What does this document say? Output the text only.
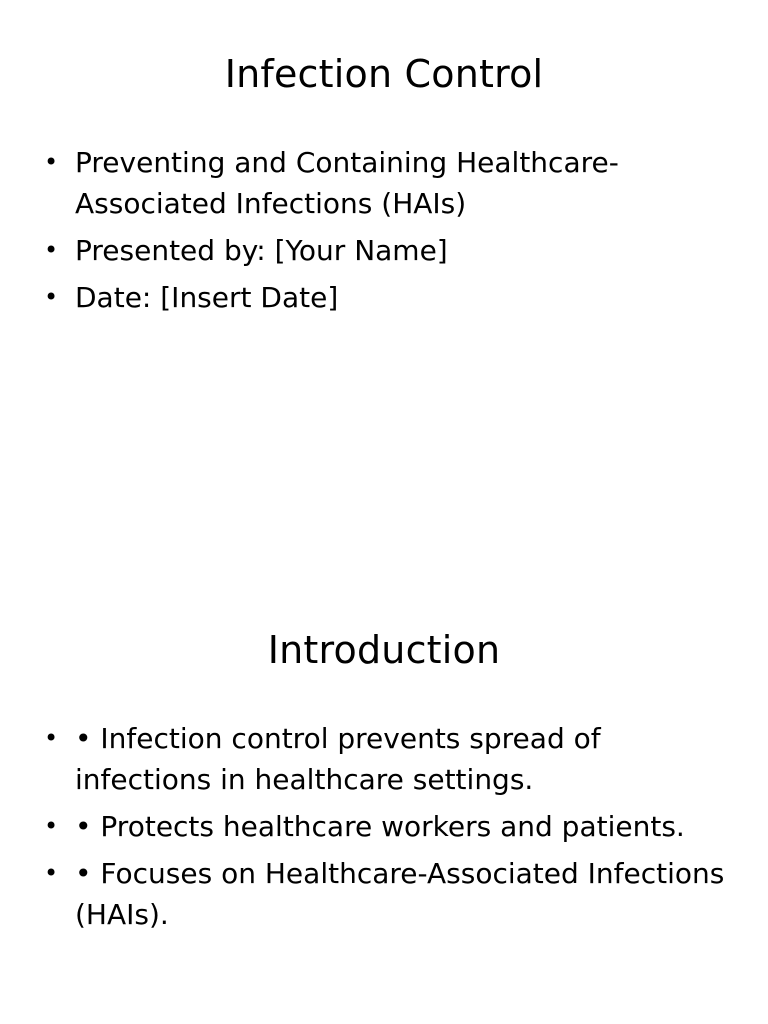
Infection Control
• Preventing and Containing Healthcare-Associated Infections (HAIs)
• Presented by: [Your Name]
• Date: [Insert Date]
Introduction
• • Infection control prevents spread of infections in healthcare settings.
• • Protects healthcare workers and patients.
• • Focuses on Healthcare-Associated Infections (HAIs).
